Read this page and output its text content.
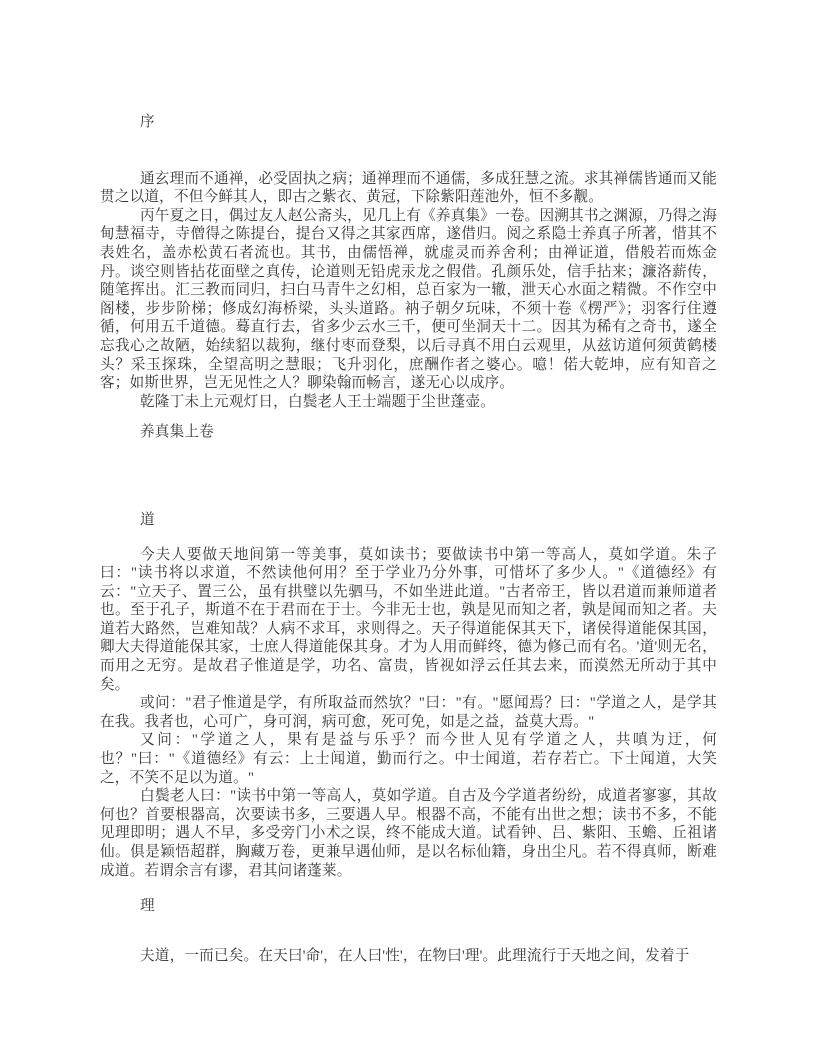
序
通玄理而不通禅，必受固执之病；通禅理而不通儒，多成狂慧之流。求其禅儒皆通而又能贯之以道，不但今鲜其人，即古之紫衣、黄冠，下除紫阳莲池外，恒不多觏。
丙午夏之日，偶过友人赵公斋头，见几上有《养真集》一卷。因溯其书之渊源，乃得之海甸慧福寺，寺僧得之陈提台，提台又得之其家西席，遂借归。阅之系隐士养真子所著，惜其不表姓名，盖赤松黄石者流也。其书，由儒悟禅，就虚灵而养舍利；由禅证道，借般若而炼金丹。谈空则皆拈花面壁之真传，论道则无铅虎汞龙之假借。孔颜乐处，信手拈来；濂洛薪传，随笔挥出。汇三教而同归，扫白马青牛之幻相，总百家为一辙，泄天心水面之精微。不作空中阁楼，步步阶梯；修成幻海桥梁，头头道路。衲子朝夕玩味，不须十卷《楞严》；羽客行住遵循，何用五千道德。蓦直行去，省多少云水三千，便可坐洞天十二。因其为稀有之奇书，遂全忘我心之故陋，始续貂以裁狗，继付枣而登梨，以后寻真不用白云观里，从兹访道何须黄鹤楼头？采玉探珠，全望高明之慧眼；飞升羽化，庶酬作者之婆心。噫！偌大乾坤，应有知音之客；如斯世界，岂无见性之人？聊染翰而畅言，遂无心以成序。
乾隆丁未上元观灯日，白鬓老人王士端题于尘世蓬壶。
养真集上卷
道
今夫人要做天地间第一等美事，莫如读书；要做读书中第一等高人，莫如学道。朱子曰："读书将以求道，不然读他何用？至于学业乃分外事，可惜坏了多少人。"《道德经》有云："立天子、置三公，虽有拱璧以先驷马，不如坐进此道。"古者帝王，皆以君道而兼师道者也。至于孔子，斯道不在于君而在于士。今非无士也，孰是见而知之者，孰是闻而知之者。夫道若大路然，岂难知哉？人病不求耳，求则得之。天子得道能保其天下，诸侯得道能保其国，卿大夫得道能保其家，士庶人得道能保其身。才为人用而鲜终，德为修己而有名。'道'则无名，而用之无穷。是故君子惟道是学，功名、富贵，皆视如浮云任其去来，而漠然无所动于其中矣。
或问："君子惟道是学，有所取益而然欤？"曰："有。"愿闻焉？曰："学道之人，是学其在我。我者也，心可广，身可润，病可愈，死可免，如是之益，益莫大焉。"
又问："学道之人，果有是益与乐乎？而今世人见有学道之人，共嗔为迂，何也？"曰："《道德经》有云：上士闻道，勤而行之。中士闻道，若存若亡。下士闻道，大笑之，不笑不足以为道。"
白鬓老人曰："读书中第一等高人，莫如学道。自古及今学道者纷纷，成道者寥寥，其故何也？首要根器高，次要读书多，三要遇人早。根器不高，不能有出世之想；读书不多，不能见理即明；遇人不早，多受旁门小术之误，终不能成大道。试看钟、吕、紫阳、玉蟾、丘祖诸仙。俱是颖悟超群，胸藏万卷，更兼早遇仙师，是以名标仙籍，身出尘凡。若不得真师，断难成道。若谓余言有谬，君其问诸蓬莱。
理
夫道，一而已矣。在天曰'命'，在人曰'性'，在物曰'理'。此理流行于天地之间，发着于
